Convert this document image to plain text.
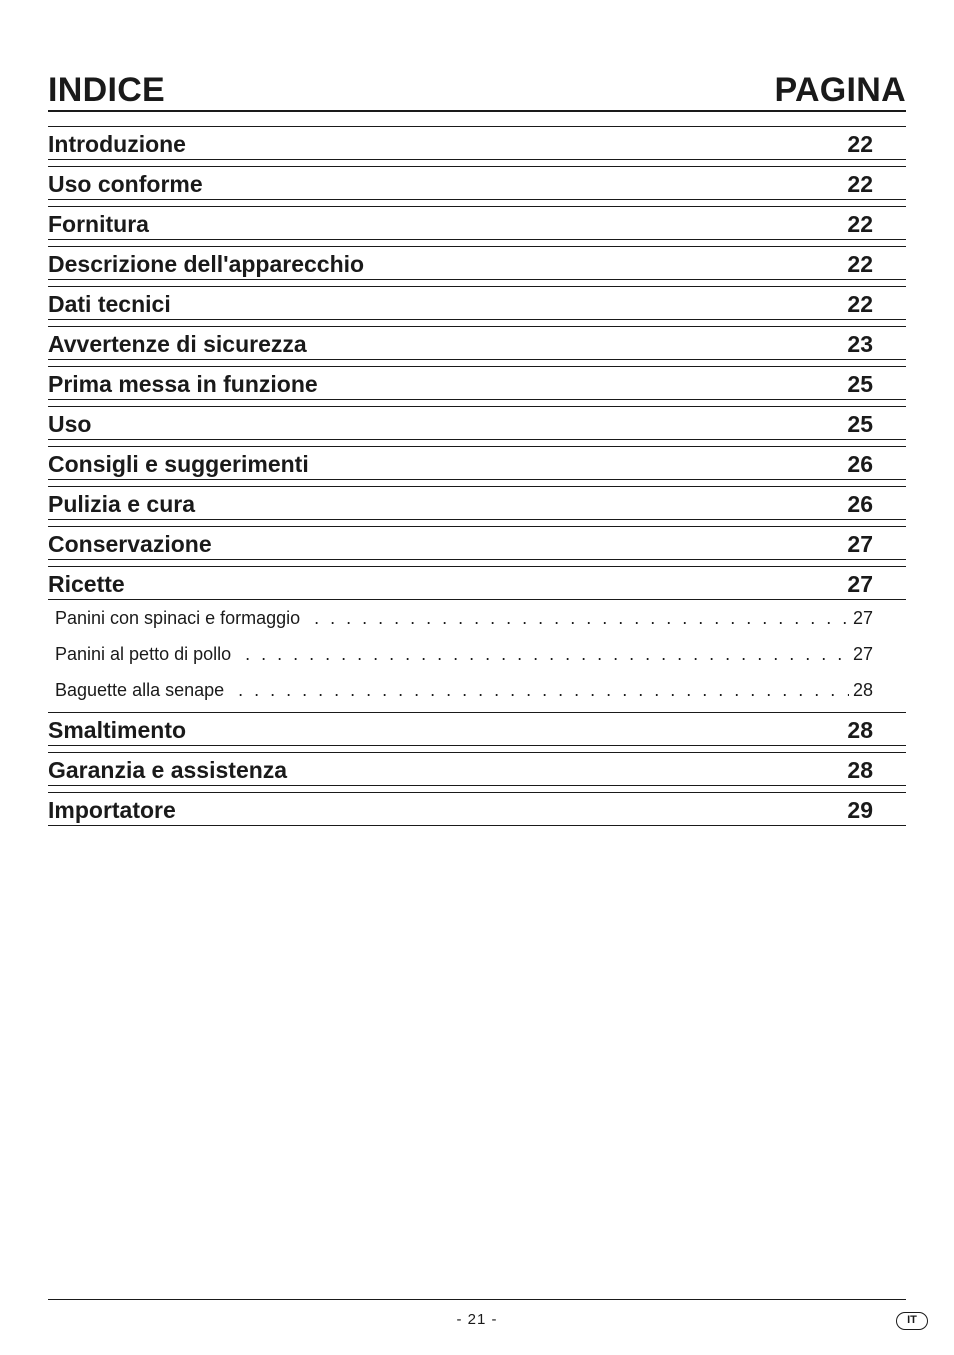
INDICE	PAGINA
Introduzione	22
Uso conforme	22
Fornitura	22
Descrizione dell'apparecchio	22
Dati tecnici	22
Avvertenze di sicurezza	23
Prima messa in funzione	25
Uso	25
Consigli e suggerimenti	26
Pulizia e cura	26
Conservazione	27
Ricette	27
Panini con spinaci e formaggio . . .	27
Panini al petto di pollo . . .	27
Baguette alla senape . . .	28
Smaltimento	28
Garanzia e assistenza	28
Importatore	29
- 21 -	IT
